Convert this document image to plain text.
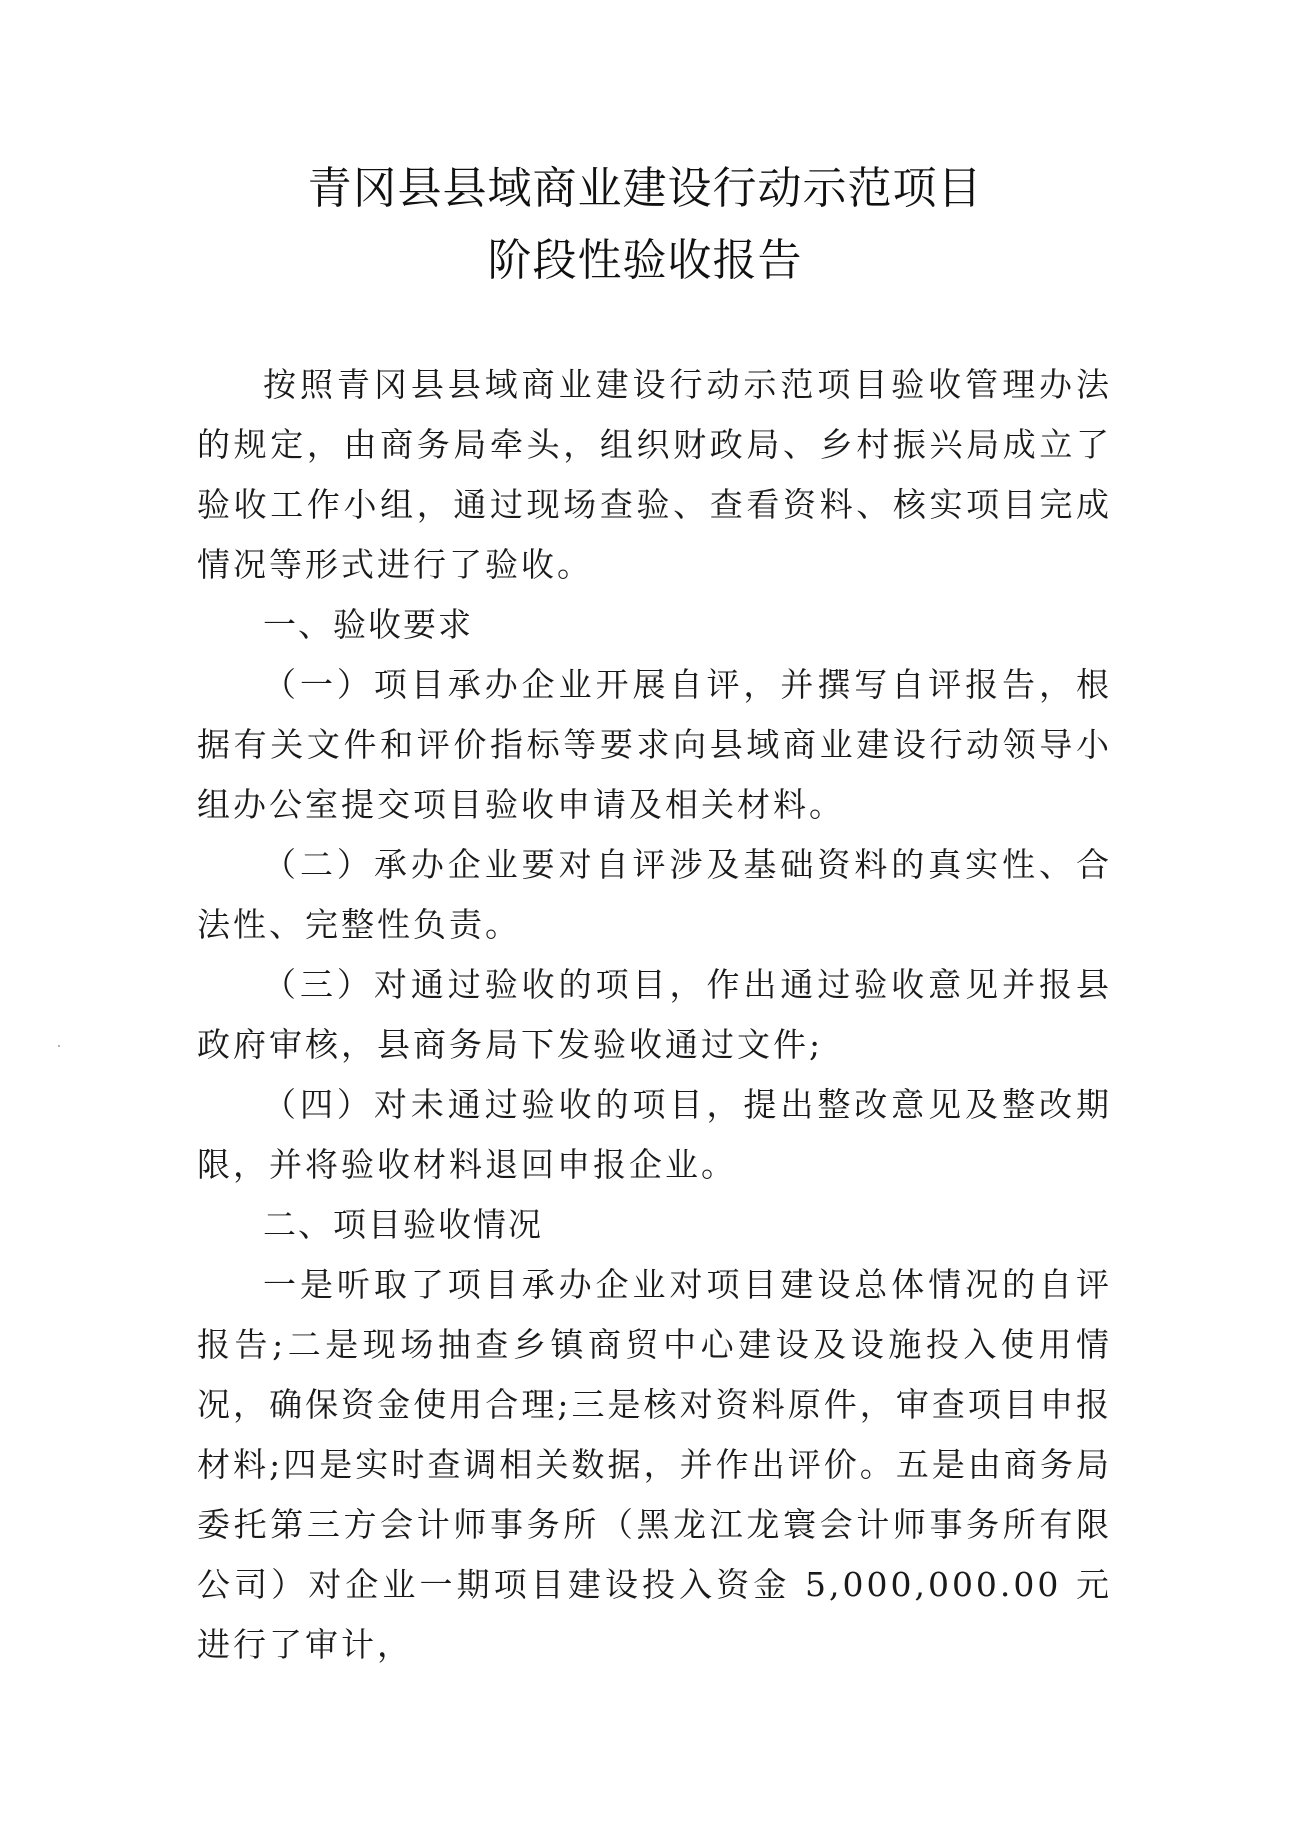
青冈县县域商业建设行动示范项目
阶段性验收报告

按照青冈县县域商业建设行动示范项目验收管理办法的规定，由商务局牵头，组织财政局、乡村振兴局成立了验收工作小组，通过现场查验、查看资料、核实项目完成情况等形式进行了验收。

一、验收要求

（一）项目承办企业开展自评，并撰写自评报告，根据有关文件和评价指标等要求向县域商业建设行动领导小组办公室提交项目验收申请及相关材料。

（二）承办企业要对自评涉及基础资料的真实性、合法性、完整性负责。

（三）对通过验收的项目，作出通过验收意见并报县政府审核，县商务局下发验收通过文件;

（四）对未通过验收的项目，提出整改意见及整改期限，并将验收材料退回申报企业。

二、项目验收情况

一是听取了项目承办企业对项目建设总体情况的自评报告;二是现场抽查乡镇商贸中心建设及设施投入使用情况，确保资金使用合理;三是核对资料原件，审查项目申报材料;四是实时查调相关数据，并作出评价。五是由商务局委托第三方会计师事务所（黑龙江龙寰会计师事务所有限公司）对企业一期项目建设投入资金 5,000,000.00 元进行了审计，
